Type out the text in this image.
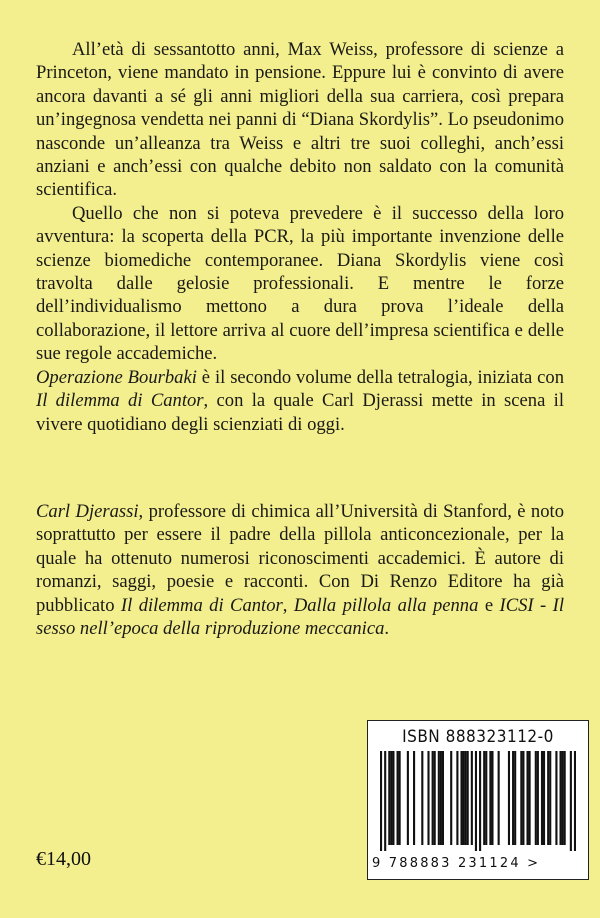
All’età di sessantotto anni, Max Weiss, professore di scienze a Princeton, viene mandato in pensione. Eppure lui è convinto di avere ancora davanti a sé gli anni migliori della sua carriera, così prepara un’ingegnosa vendetta nei panni di “Diana Skordylis”. Lo pseudonimo nasconde un’alleanza tra Weiss e altri tre suoi colleghi, anch’essi anziani e anch’essi con qualche debito non saldato con la comunità scientifica.

Quello che non si poteva prevedere è il successo della loro avventura: la scoperta della PCR, la più importante invenzione delle scienze biomediche contemporanee. Diana Skordylis viene così travolta dalle gelosie professionali. E mentre le forze dell’individualismo mettono a dura prova l’ideale della collaborazione, il lettore arriva al cuore dell’impresa scientifica e delle sue regole accademiche.

Operazione Bourbaki è il secondo volume della tetralogia, iniziata con Il dilemma di Cantor, con la quale Carl Djerassi mette in scena il vivere quotidiano degli scienziati di oggi.

Carl Djerassi, professore di chimica all’Università di Stanford, è noto soprattutto per essere il padre della pillola anticoncezionale, per la quale ha ottenuto numerosi riconoscimenti accademici. È autore di romanzi, saggi, poesie e racconti. Con Di Renzo Editore ha già pubblicato Il dilemma di Cantor, Dalla pillola alla penna e ICSI - Il sesso nell’epoca della riproduzione meccanica.

ISBN 888323112-0
9 788883 231124 >
€14,00
